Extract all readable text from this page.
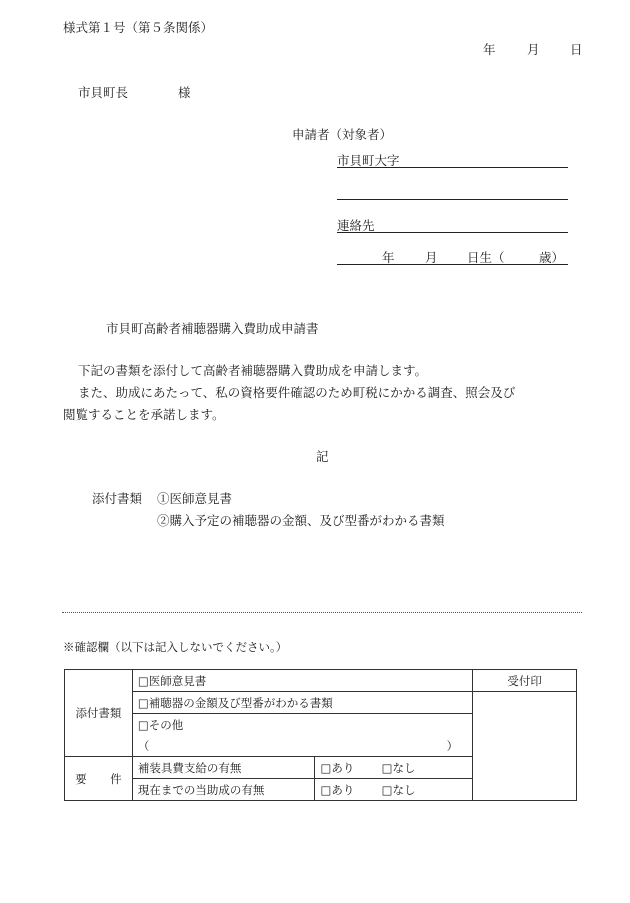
様式第１号（第５条関係）
年	月 日
市貝町長	様
申請者（対象者）
市貝町大字
連絡先
年 月 日生（	歳）
市貝町高齢者補聴器購入費助成申請書
下記の書類を添付して高齢者補聴器購入費助成を申請します。
また、助成にあたって、私の資格要件確認のため町税にかかる調査、照会及び
閲覧することを承諾します。
記
添付書類 ①医師意見書
②購入予定の補聴器の金額、及び型番がわかる書類
※確認欄（以下は記入しないでください。）
添付書類	□医師意見書		受付印
	□補聴器の金額及び型番がわかる書類		
	□その他		
	（ ）		

要 件	補装具費支給の有無	□あり □なし	
	現在までの当助成の有無	□あり □なし	
